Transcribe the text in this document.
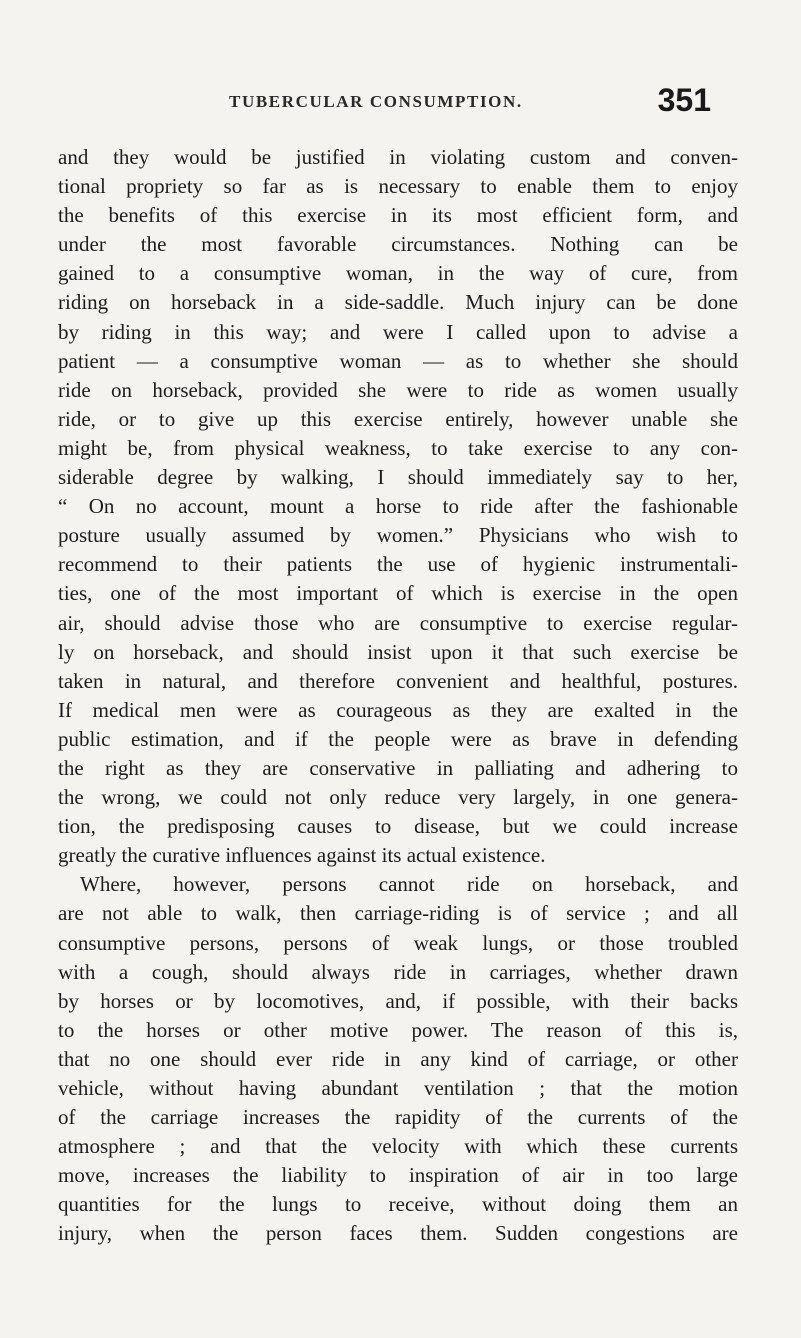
TUBERCULAR CONSUMPTION.	351
and they would be justified in violating custom and conven-
tional propriety so far as is necessary to enable them to enjoy
the benefits of this exercise in its most efficient form, and
under the most favorable circumstances. Nothing can be
gained to a consumptive woman, in the way of cure, from
riding on horseback in a side-saddle. Much injury can be done
by riding in this way; and were I called upon to advise a
patient — a consumptive woman — as to whether she should
ride on horseback, provided she were to ride as women usually
ride, or to give up this exercise entirely, however unable she
might be, from physical weakness, to take exercise to any con-
siderable degree by walking, I should immediately say to her,
“ On no account, mount a horse to ride after the fashionable
posture usually assumed by women.” Physicians who wish to
recommend to their patients the use of hygienic instrumentali-
ties, one of the most important of which is exercise in the open
air, should advise those who are consumptive to exercise regular-
ly on horseback, and should insist upon it that such exercise be
taken in natural, and therefore convenient and healthful, postures.
If medical men were as courageous as they are exalted in the
public estimation, and if the people were as brave in defending
the right as they are conservative in palliating and adhering to
the wrong, we could not only reduce very largely, in one genera-
tion, the predisposing causes to disease, but we could increase
greatly the curative influences against its actual existence.
Where, however, persons cannot ride on horseback, and
are not able to walk, then carriage-riding is of service ; and all
consumptive persons, persons of weak lungs, or those troubled
with a cough, should always ride in carriages, whether drawn
by horses or by locomotives, and, if possible, with their backs
to the horses or other motive power. The reason of this is,
that no one should ever ride in any kind of carriage, or other
vehicle, without having abundant ventilation ; that the motion
of the carriage increases the rapidity of the currents of the
atmosphere ; and that the velocity with which these currents
move, increases the liability to inspiration of air in too large
quantities for the lungs to receive, without doing them an
injury, when the person faces them. Sudden congestions are
